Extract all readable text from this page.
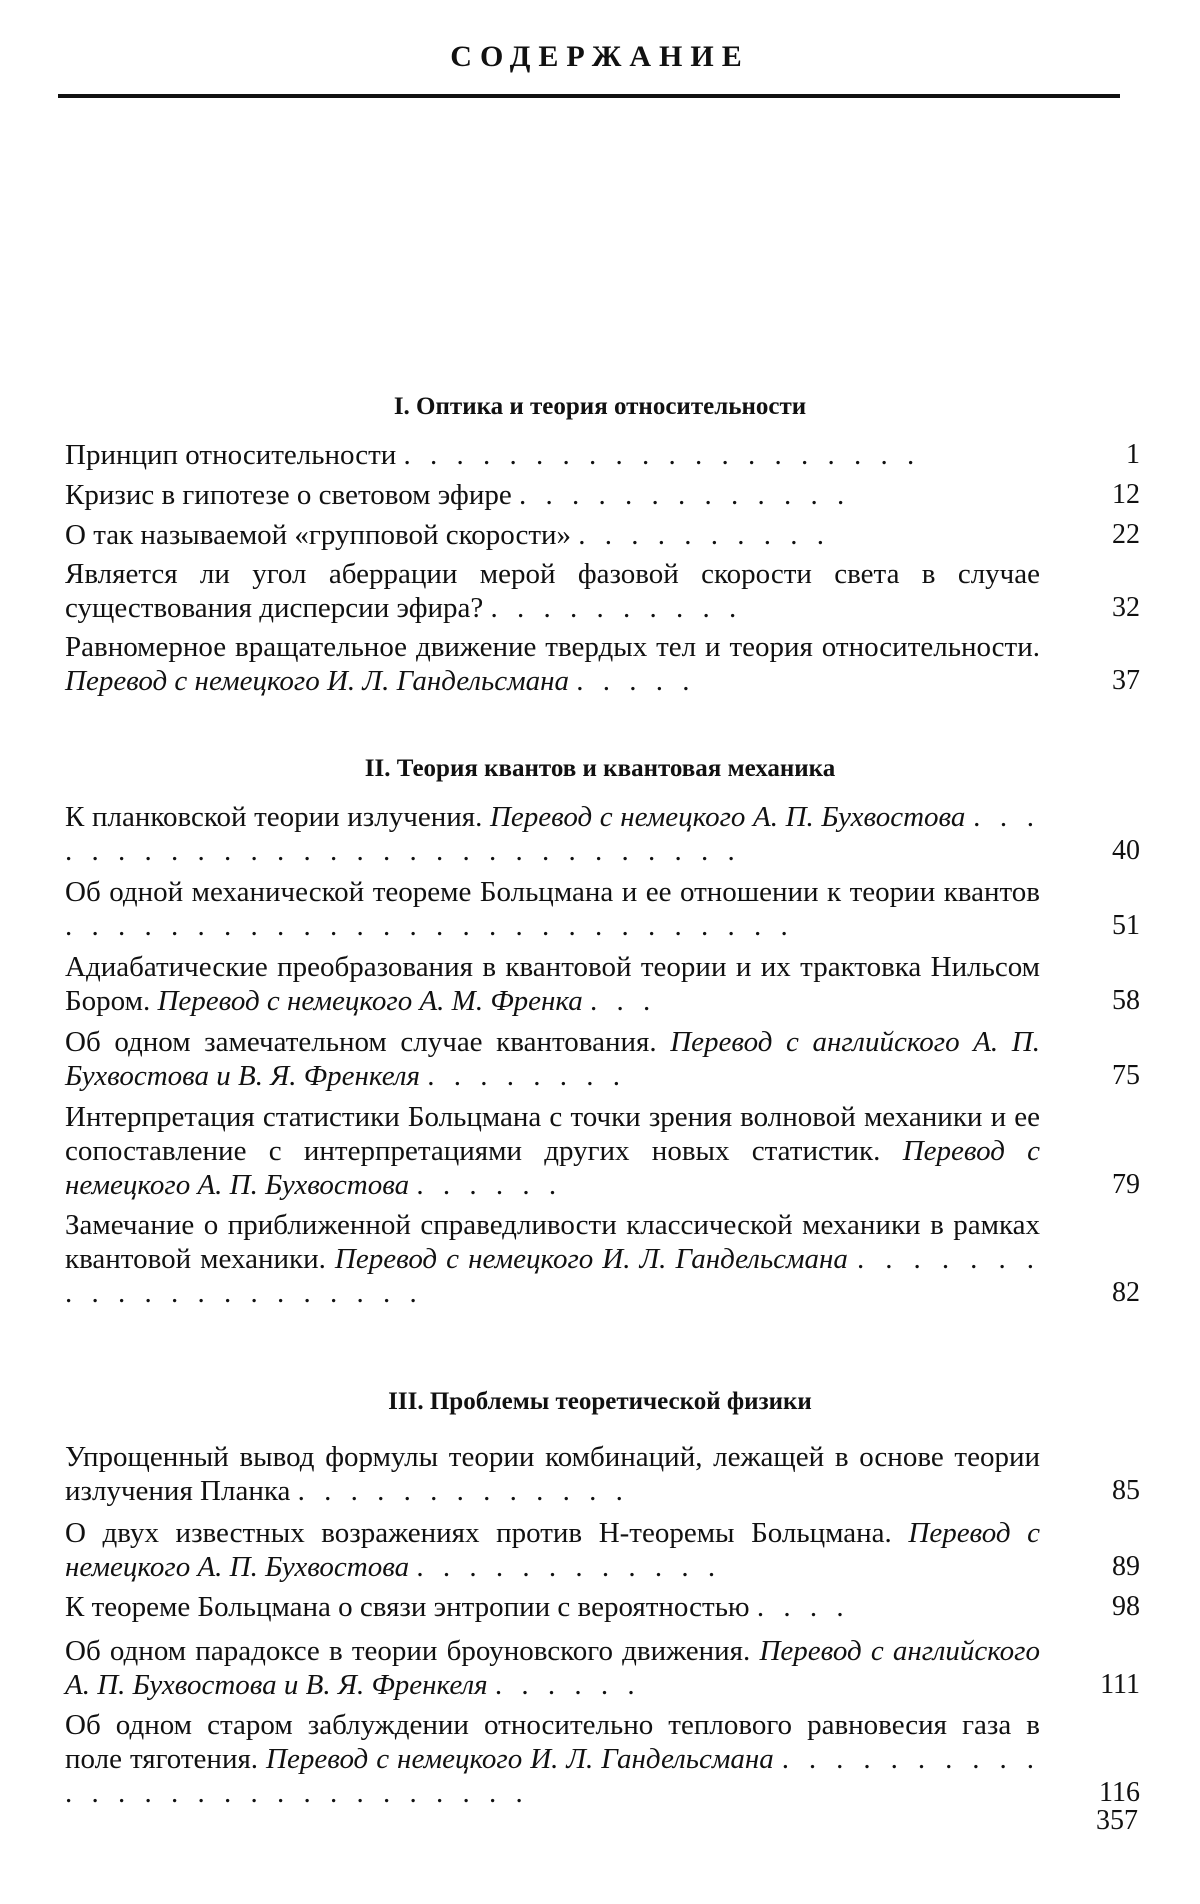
СОДЕРЖАНИЕ
I. Оптика и теория относительности
Принцип относительности . . . . . . . . . . . . . . . . . . . .	1
Кризис в гипотезе о световом эфире . . . . . . . . . . . . .	12
О так называемой «групповой скорости» . . . . . . . . . .	22
Является ли угол аберрации мерой фазовой скорости света в случае существования дисперсии эфира? . . . . . . . . . .	32
Равномерное вращательное движение твердых тел и теория относительности. Перевод с немецкого И. Л. Гандельсмана . . . . .	37
II. Теория квантов и квантовая механика
К планковской теории излучения. Перевод с немецкого А. П. Бухвостова . . . . . . . . . . . . . . . . . . . . . . . . . . . . .	40
Об одной механической теореме Больцмана и ее отношении к теории квантов . . . . . . . . . . . . . . . . . . . . . . . . . . . .	51
Адиабатические преобразования в квантовой теории и их трактовка Нильсом Бором. Перевод с немецкого А. М. Френка . . .	58
Об одном замечательном случае квантования. Перевод с английского А. П. Бухвостова и В. Я. Френкеля . . . . . . . .	75
Интерпретация статистики Больцмана с точки зрения волновой механики и ее сопоставление с интерпретациями других новых статистик. Перевод с немецкого А. П. Бухвостова . . . . . .	79
Замечание о приближенной справедливости классической механики в рамках квантовой механики. Перевод с немецкого И. Л. Гандельсмана . . . . . . . . . . . . . . . . . . . . .	82
III. Проблемы теоретической физики
Упрощенный вывод формулы теории комбинаций, лежащей в основе теории излучения Планка . . . . . . . . . . . . .	85
О двух известных возражениях против Н-теоремы Больцмана. Перевод с немецкого А. П. Бухвостова . . . . . . . . . . . .	89
К теореме Больцмана о связи энтропии с вероятностью . . . .	98
Об одном парадоксе в теории броуновского движения. Перевод с английского А. П. Бухвостова и В. Я. Френкеля . . . . . .	111
Об одном старом заблуждении относительно теплового равновесия газа в поле тяготения. Перевод с немецкого И. Л. Гандельсмана . . . . . . . . . . . . . . . . . . . . . . . . . . . .	116
357
